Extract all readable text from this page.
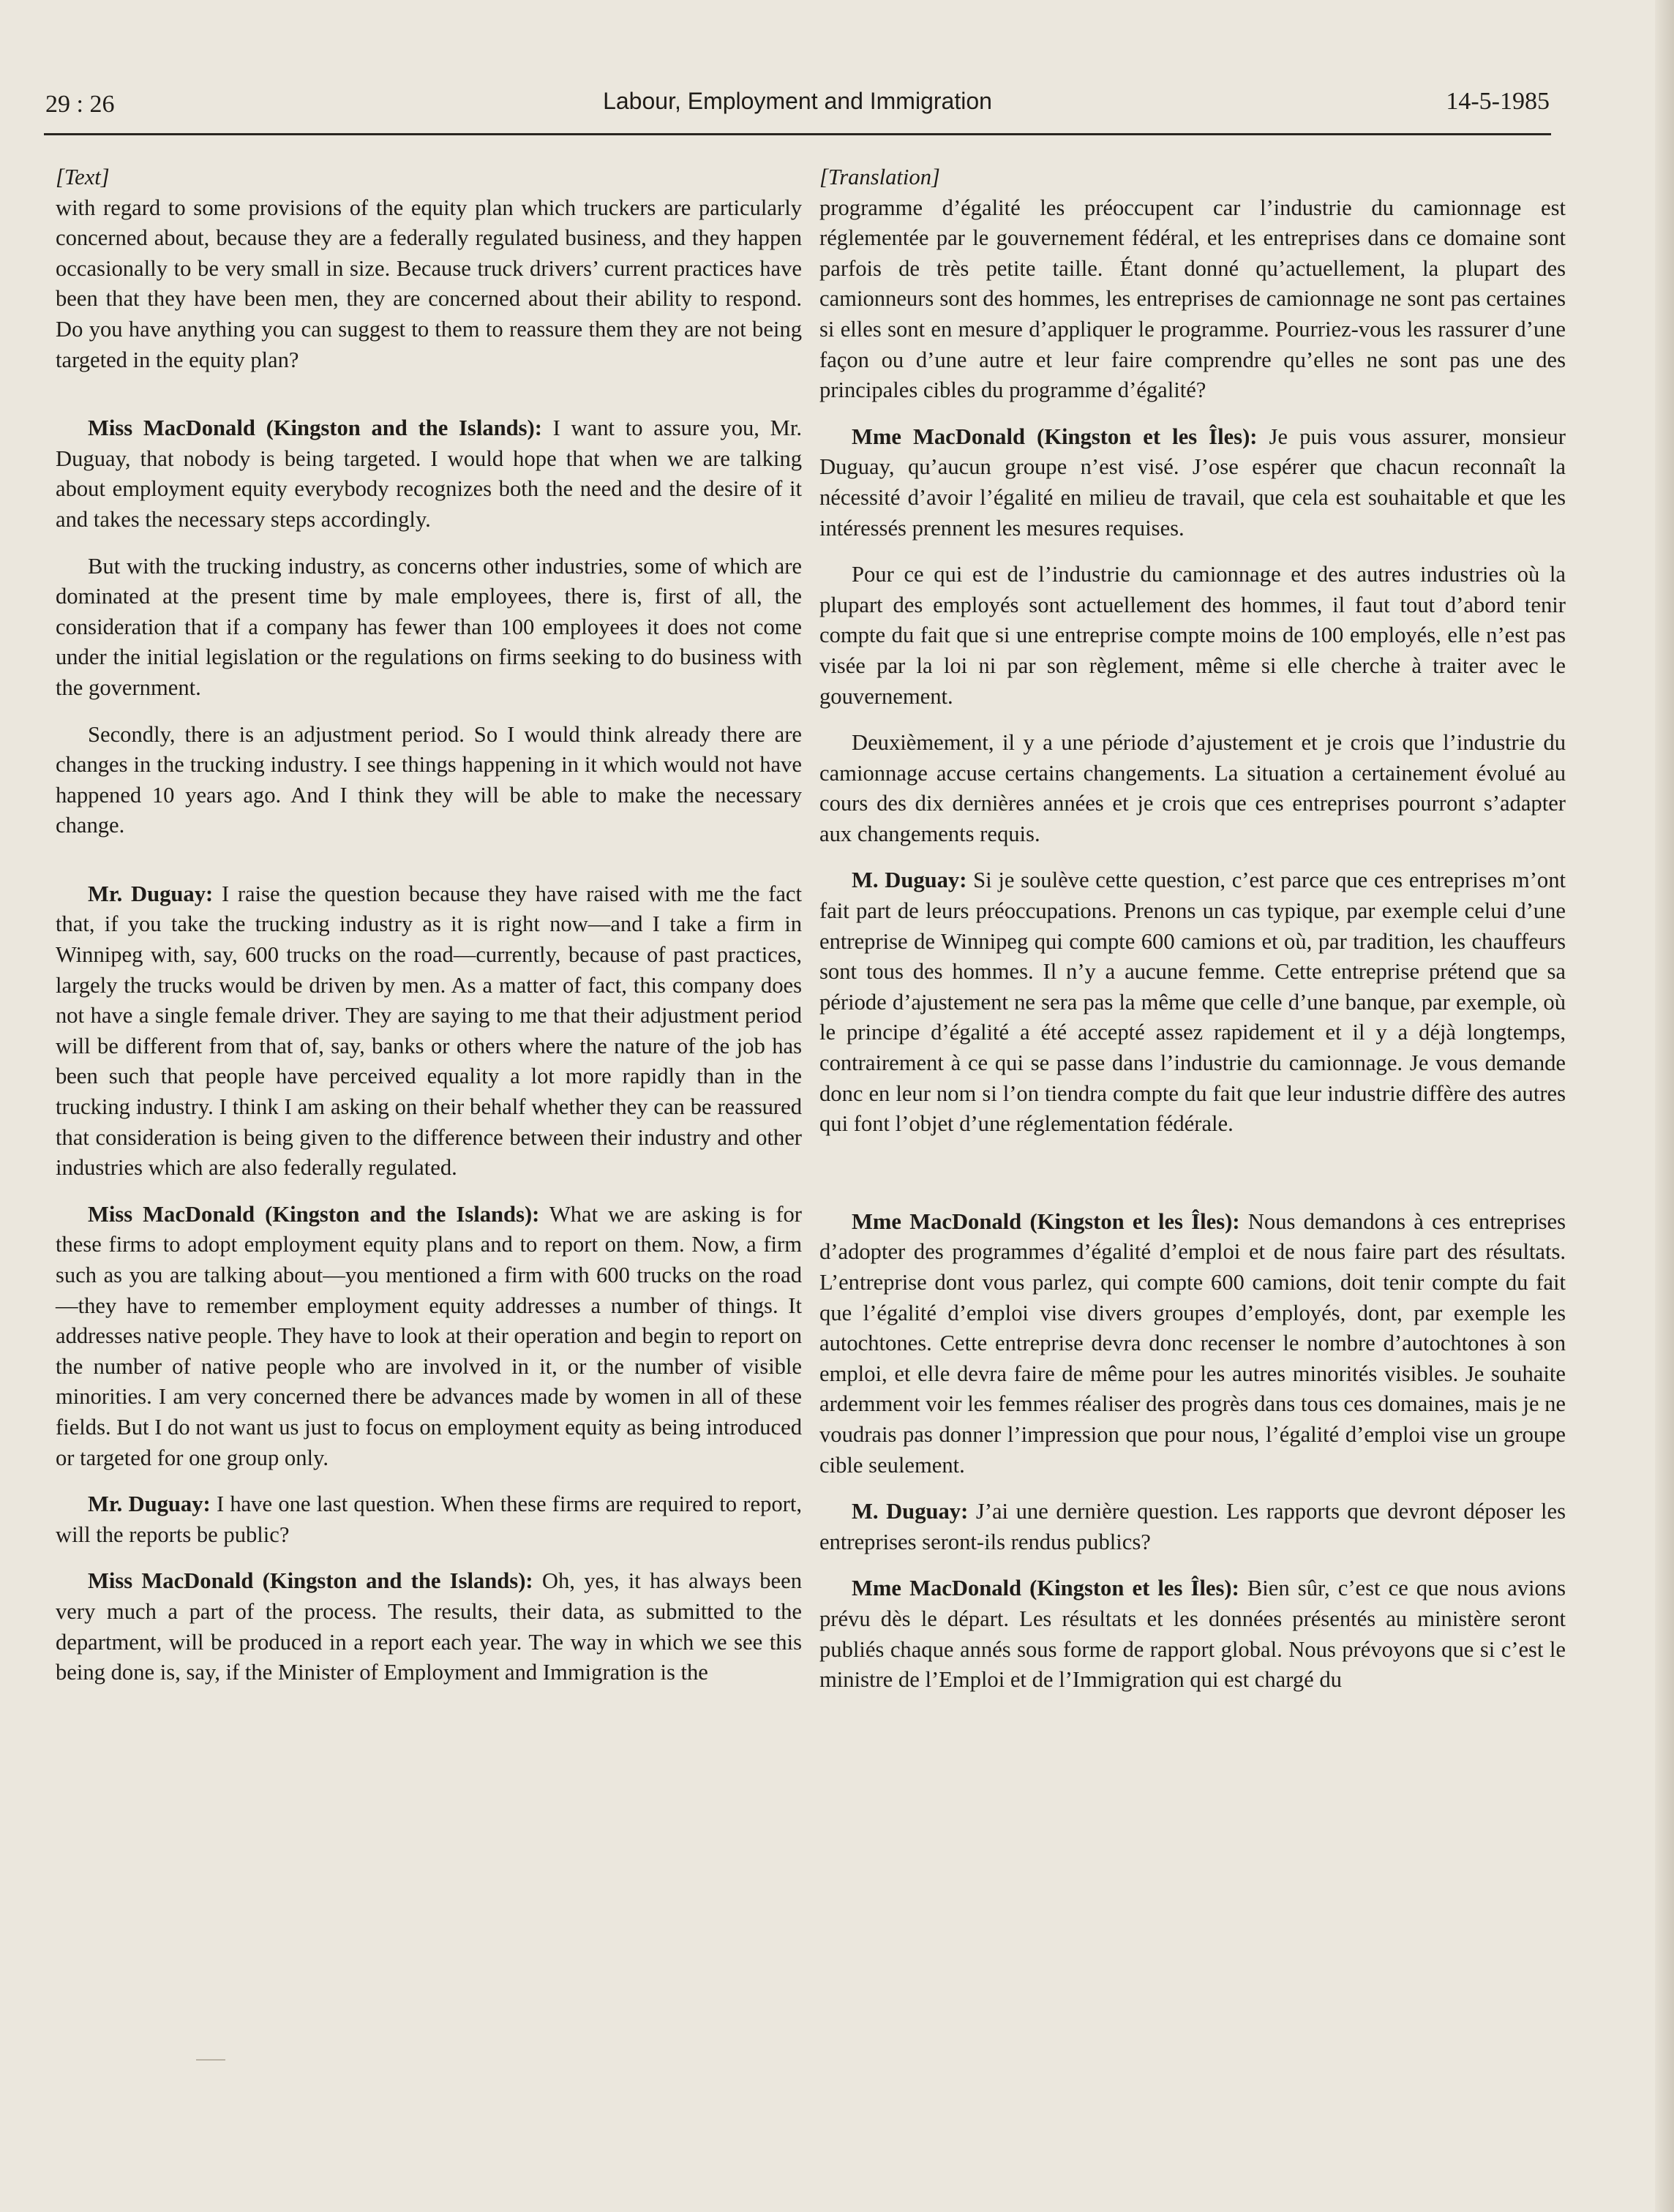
29 : 26	Labour, Employment and Immigration	14-5-1985
[Text]

with regard to some provisions of the equity plan which truckers are particularly concerned about, because they are a federally regulated business, and they happen occasionally to be very small in size. Because truck drivers’ current practices have been that they have been men, they are concerned about their ability to respond. Do you have anything you can suggest to them to reassure them they are not being targeted in the equity plan?

Miss MacDonald (Kingston and the Islands): I want to assure you, Mr. Duguay, that nobody is being targeted. I would hope that when we are talking about employment equity everybody recognizes both the need and the desire of it and takes the necessary steps accordingly.

But with the trucking industry, as concerns other industries, some of which are dominated at the present time by male employees, there is, first of all, the consideration that if a company has fewer than 100 employees it does not come under the initial legislation or the regulations on firms seeking to do business with the government.

Secondly, there is an adjustment period. So I would think already there are changes in the trucking industry. I see things happening in it which would not have happened 10 years ago. And I think they will be able to make the necessary change.

Mr. Duguay: I raise the question because they have raised with me the fact that, if you take the trucking industry as it is right now—and I take a firm in Winnipeg with, say, 600 trucks on the road—currently, because of past practices, largely the trucks would be driven by men. As a matter of fact, this company does not have a single female driver. They are saying to me that their adjustment period will be different from that of, say, banks or others where the nature of the job has been such that people have perceived equality a lot more rapidly than in the trucking industry. I think I am asking on their behalf whether they can be reassured that consideration is being given to the difference between their industry and other industries which are also federally regulated.

Miss MacDonald (Kingston and the Islands): What we are asking is for these firms to adopt employment equity plans and to report on them. Now, a firm such as you are talking about—you mentioned a firm with 600 trucks on the road—they have to remember employment equity addresses a number of things. It addresses native people. They have to look at their operation and begin to report on the number of native people who are involved in it, or the number of visible minorities. I am very concerned there be advances made by women in all of these fields. But I do not want us just to focus on employment equity as being introduced or targeted for one group only.

Mr. Duguay: I have one last question. When these firms are required to report, will the reports be public?

Miss MacDonald (Kingston and the Islands): Oh, yes, it has always been very much a part of the process. The results, their data, as submitted to the department, will be produced in a report each year. The way in which we see this being done is, say, if the Minister of Employment and Immigration is the

[Translation]

programme d’égalité les préoccupent car l’industrie du camionnage est réglementée par le gouvernement fédéral, et les entreprises dans ce domaine sont parfois de très petite taille. Étant donné qu’actuellement, la plupart des camionneurs sont des hommes, les entreprises de camionnage ne sont pas certaines si elles sont en mesure d’appliquer le programme. Pourriez-vous les rassurer d’une façon ou d’une autre et leur faire comprendre qu’elles ne sont pas une des principales cibles du programme d’égalité?

Mme MacDonald (Kingston et les Îles): Je puis vous assurer, monsieur Duguay, qu’aucun groupe n’est visé. J’ose espérer que chacun reconnaît la nécessité d’avoir l’égalité en milieu de travail, que cela est souhaitable et que les intéressés prennent les mesures requises.

Pour ce qui est de l’industrie du camionnage et des autres industries où la plupart des employés sont actuellement des hommes, il faut tout d’abord tenir compte du fait que si une entreprise compte moins de 100 employés, elle n’est pas visée par la loi ni par son règlement, même si elle cherche à traiter avec le gouvernement.

Deuxièmement, il y a une période d’ajustement et je crois que l’industrie du camionnage accuse certains changements. La situation a certainement évolué au cours des dix dernières années et je crois que ces entreprises pourront s’adapter aux changements requis.

M. Duguay: Si je soulève cette question, c’est parce que ces entreprises m’ont fait part de leurs préoccupations. Prenons un cas typique, par exemple celui d’une entreprise de Winnipeg qui compte 600 camions et où, par tradition, les chauffeurs sont tous des hommes. Il n’y a aucune femme. Cette entreprise prétend que sa période d’ajustement ne sera pas la même que celle d’une banque, par exemple, où le principe d’égalité a été accepté assez rapidement et il y a déjà longtemps, contrairement à ce qui se passe dans l’industrie du camionnage. Je vous demande donc en leur nom si l’on tiendra compte du fait que leur industrie diffère des autres qui font l’objet d’une réglementation fédérale.

Mme MacDonald (Kingston et les Îles): Nous demandons à ces entreprises d’adopter des programmes d’égalité d’emploi et de nous faire part des résultats. L’entreprise dont vous parlez, qui compte 600 camions, doit tenir compte du fait que l’égalité d’emploi vise divers groupes d’employés, dont, par exemple les autochtones. Cette entreprise devra donc recenser le nombre d’autochtones à son emploi, et elle devra faire de même pour les autres minorités visibles. Je souhaite ardemment voir les femmes réaliser des progrès dans tous ces domaines, mais je ne voudrais pas donner l’impression que pour nous, l’égalité d’emploi vise un groupe cible seulement.

M. Duguay: J’ai une dernière question. Les rapports que devront déposer les entreprises seront-ils rendus publics?

Mme MacDonald (Kingston et les Îles): Bien sûr, c’est ce que nous avions prévu dès le départ. Les résultats et les données présentés au ministère seront publiés chaque annés sous forme de rapport global. Nous prévoyons que si c’est le ministre de l’Emploi et de l’Immigration qui est chargé du
